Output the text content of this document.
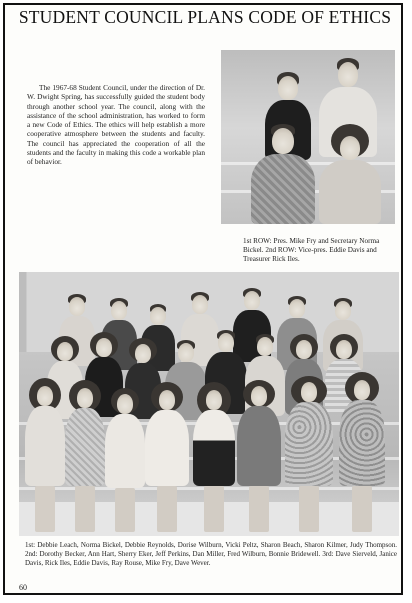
STUDENT COUNCIL PLANS CODE OF ETHICS
The 1967-68 Student Council, under the direction of Dr. W. Dwight Spring, has successfully guided the student body through another school year. The council, along with the assistance of the school administration, has worked to form a new Code of Ethics. The ethics will help establish a more cooperative atmosphere between the students and faculty. The council has appreciated the cooperation of all the students and the faculty in making this code a workable plan of behavior.
1st ROW: Pres. Mike Fry and Secretary Norma Bickel. 2nd ROW: Vice-pres. Eddie Davis and Treasurer Rick Iles.
1st: Debbie Leach, Norma Bickel, Debbie Reynolds, Dorise Wilburn, Vicki Peltz, Sharon Beach, Sharon Kilmer, Judy Thompson. 2nd: Dorothy Becker, Ann Hart, Sherry Eker, Jeff Perkins, Dan Miller, Fred Wilburn, Bonnie Bridewell. 3rd: Dave Sierveld, Janice Davis, Rick Iles, Eddie Davis, Ray Rouse, Mike Fry, Dave Wever.
60
